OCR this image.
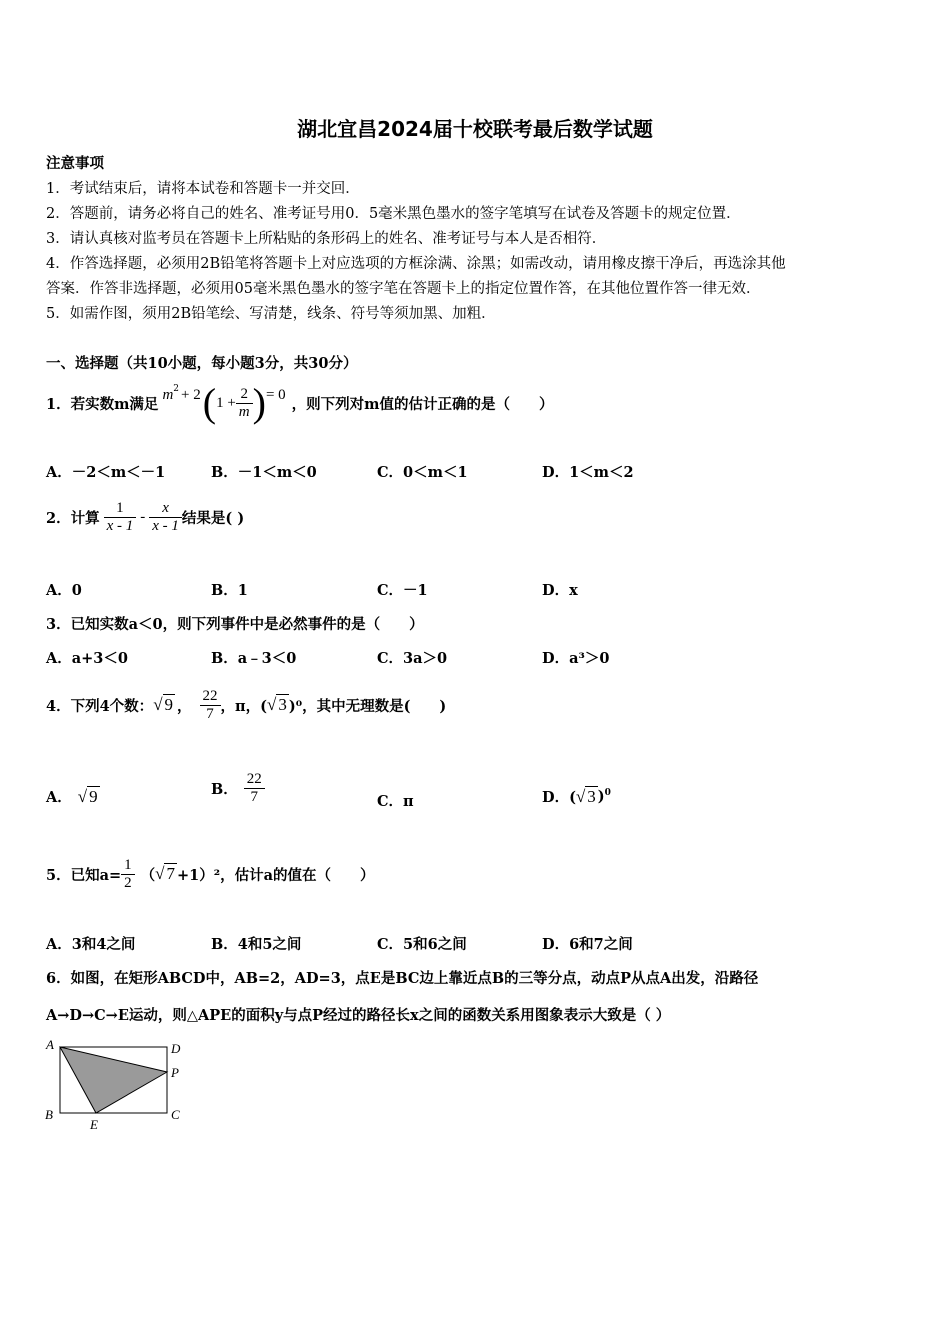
湖北宜昌2024届十校联考最后数学试题
注意事项
1．考试结束后，请将本试卷和答题卡一并交回．
2．答题前，请务必将自己的姓名、准考证号用0．5毫米黑色墨水的签字笔填写在试卷及答题卡的规定位置．
3．请认真核对监考员在答题卡上所粘贴的条形码上的姓名、准考证号与本人是否相符．
4．作答选择题，必须用2B铅笔将答题卡上对应选项的方框涂满、涂黑；如需改动，请用橡皮擦干净后，再选涂其他
答案．作答非选择题，必须用05毫米黑色墨水的签字笔在答题卡上的指定位置作答，在其他位置作答一律无效．
5．如需作图，须用2B铅笔绘、写清楚，线条、符号等须加黑、加粗．
一、选择题（共10小题，每小题3分，共30分）
1．若实数m满足
$m^2 + 2$ ( $1 + \frac{2}{m}$ ) = 0
，则下列对m值的估计正确的是（　　）
A．－2＜m＜－1	B．－1＜m＜0	C．0＜m＜1	D．1＜m＜2
2．计算 $\frac{1}{x - 1} - \frac{x}{x - 1}$ 结果是( )
A．0	B．1	C．－1	D．x
3．已知实数a＜0，则下列事件中是必然事件的是（　　）
A．a+3＜0	B．a﹣3＜0	C．3a＞0	D．a³＞0
4．下列4个数： √ 9 ， $\frac{22}{7}$ ，π，( √ 3 )⁰，其中无理数是(　　)
A． √ 9	B． $\frac{22}{7}$	C．π	D．( √ 3 )$^0$
5．已知$a= \frac{1}{2}$ （ √ 7 +1）²，估计a的值在（　　）
A．3和4之间	B．4和5之间	C．5和6之间	D．6和7之间
6．如图，在矩形ABCD中，AB=2，AD=3，点E是BC边上靠近点B的三等分点，动点P从点A出发，沿路径
A→D→C→E运动，则△APE的面积y与点P经过的路径长x之间的函数关系用图象表示大致是（ ）
A	D
P
B
E
C
